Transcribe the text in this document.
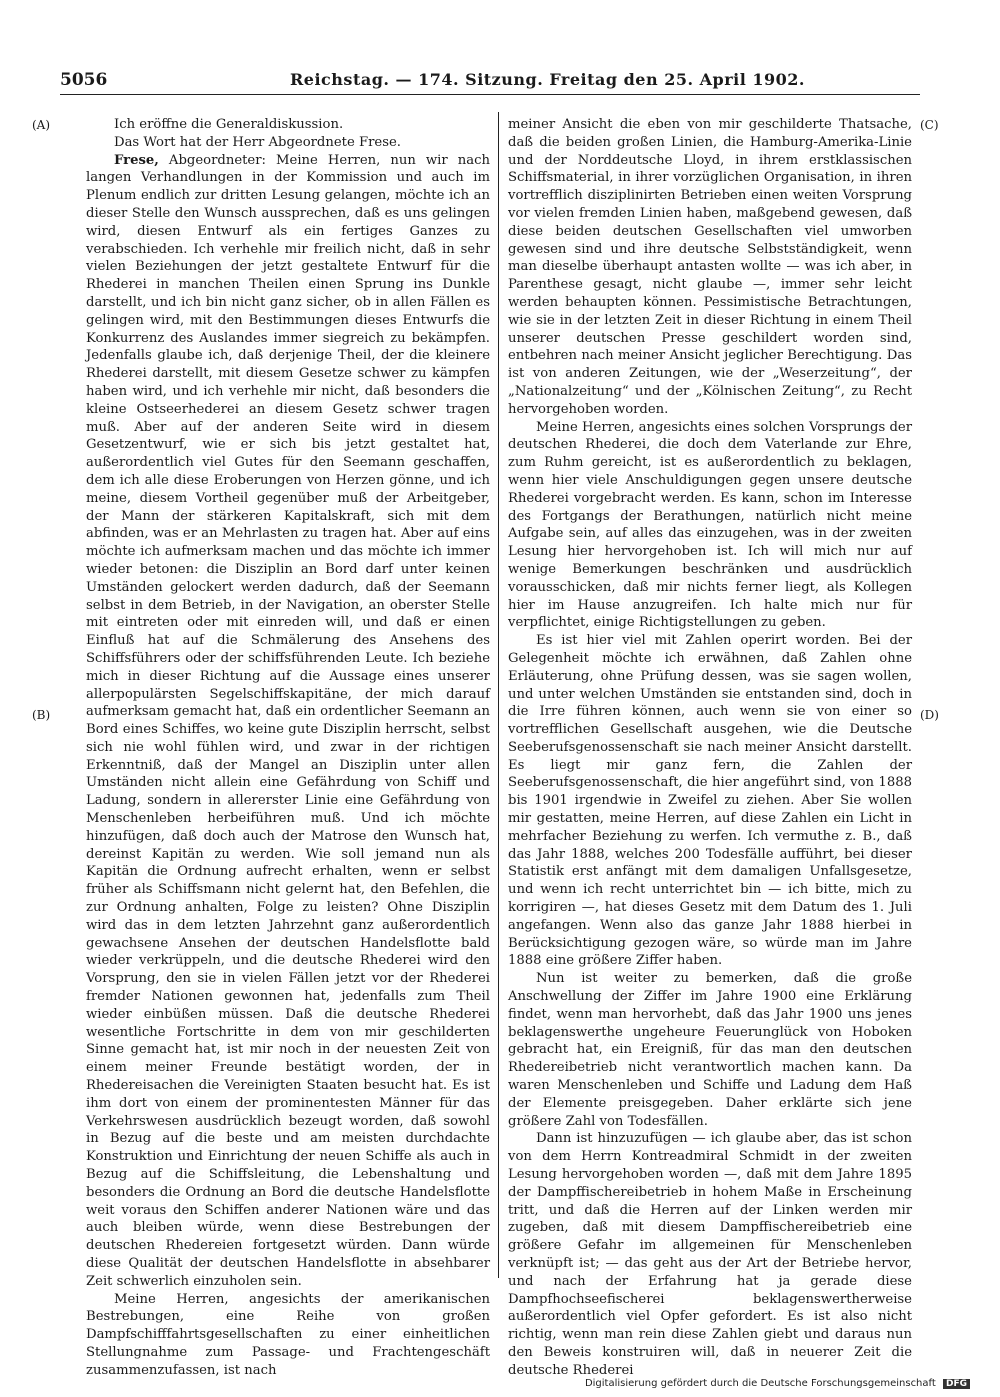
5056	Reichstag. — 174. Sitzung. Freitag den 25. April 1902.
(A)
(B)
(C)
(D)

Ich eröffne die Generaldiskussion.

Das Wort hat der Herr Abgeordnete Frese.

Frese, Abgeordneter: Meine Herren, nun wir nach langen Verhandlungen in der Kommission und auch im Plenum endlich zur dritten Lesung gelangen, möchte ich an dieser Stelle den Wunsch aussprechen, daß es uns gelingen wird, diesen Entwurf als ein fertiges Ganzes zu verabschieden. Ich verhehle mir freilich nicht, daß in sehr vielen Beziehungen der jetzt gestaltete Entwurf für die Rhederei in manchen Theilen einen Sprung ins Dunkle darstellt, und ich bin nicht ganz sicher, ob in allen Fällen es gelingen wird, mit den Bestimmungen dieses Entwurfs die Konkurrenz des Auslandes immer siegreich zu bekämpfen. Jedenfalls glaube ich, daß derjenige Theil, der die kleinere Rhederei darstellt, mit diesem Gesetze schwer zu kämpfen haben wird, und ich verhehle mir nicht, daß besonders die kleine Ostseerhederei an diesem Gesetz schwer tragen muß. Aber auf der anderen Seite wird in diesem Gesetzentwurf, wie er sich bis jetzt gestaltet hat, außerordentlich viel Gutes für den Seemann geschaffen, dem ich alle diese Eroberungen von Herzen gönne, und ich meine, diesem Vortheil gegenüber muß der Arbeitgeber, der Mann der stärkeren Kapitalskraft, sich mit dem abfinden, was er an Mehrlasten zu tragen hat. Aber auf eins möchte ich aufmerksam machen und das möchte ich immer wieder betonen: die Disziplin an Bord darf unter keinen Umständen gelockert werden dadurch, daß der Seemann selbst in dem Betrieb, in der Navigation, an oberster Stelle mit eintreten oder mit einreden will, und daß er einen Einfluß hat auf die Schmälerung des Ansehens des Schiffsführers oder der schiffsführenden Leute. Ich beziehe mich in dieser Richtung auf die Aussage eines unserer allerpopulärsten Segelschiffskapitäne, der mich darauf aufmerksam gemacht hat, daß ein ordentlicher Seemann an Bord eines Schiffes, wo keine gute Disziplin herrscht, selbst sich nie wohl fühlen wird, und zwar in der richtigen Erkenntniß, daß der Mangel an Disziplin unter allen Umständen nicht allein eine Gefährdung von Schiff und Ladung, sondern in allererster Linie eine Gefährdung von Menschenleben herbeiführen muß. Und ich möchte hinzufügen, daß doch auch der Matrose den Wunsch hat, dereinst Kapitän zu werden. Wie soll jemand nun als Kapitän die Ordnung aufrecht erhalten, wenn er selbst früher als Schiffsmann nicht gelernt hat, den Befehlen, die zur Ordnung anhalten, Folge zu leisten? Ohne Disziplin wird das in dem letzten Jahrzehnt ganz außerordentlich gewachsene Ansehen der deutschen Handelsflotte bald wieder verkrüppeln, und die deutsche Rhederei wird den Vorsprung, den sie in vielen Fällen jetzt vor der Rhederei fremder Nationen gewonnen hat, jedenfalls zum Theil wieder einbüßen müssen. Daß die deutsche Rhederei wesentliche Fortschritte in dem von mir geschilderten Sinne gemacht hat, ist mir noch in der neuesten Zeit von einem meiner Freunde bestätigt worden, der in Rhedereisachen die Vereinigten Staaten besucht hat. Es ist ihm dort von einem der prominentesten Männer für das Verkehrswesen ausdrücklich bezeugt worden, daß sowohl in Bezug auf die beste und am meisten durchdachte Konstruktion und Einrichtung der neuen Schiffe als auch in Bezug auf die Schiffsleitung, die Lebenshaltung und besonders die Ordnung an Bord die deutsche Handelsflotte weit voraus den Schiffen anderer Nationen wäre und das auch bleiben würde, wenn diese Bestrebungen der deutschen Rhedereien fortgesetzt würden. Dann würde diese Qualität der deutschen Handelsflotte in absehbarer Zeit schwerlich einzuholen sein.

Meine Herren, angesichts der amerikanischen Bestrebungen, eine Reihe von großen Dampfschifffahrtsgesellschaften zu einer einheitlichen Stellungnahme zum Passage- und Frachtengeschäft zusammenzufassen, ist nach

meiner Ansicht die eben von mir geschilderte Thatsache, daß die beiden großen Linien, die Hamburg-Amerika-Linie und der Norddeutsche Lloyd, in ihrem erstklassischen Schiffsmaterial, in ihrer vorzüglichen Organisation, in ihren vortrefflich disziplinirten Betrieben einen weiten Vorsprung vor vielen fremden Linien haben, maßgebend gewesen, daß diese beiden deutschen Gesellschaften viel umworben gewesen sind und ihre deutsche Selbstständigkeit, wenn man dieselbe überhaupt antasten wollte — was ich aber, in Parenthese gesagt, nicht glaube —, immer sehr leicht werden behaupten können. Pessimistische Betrachtungen, wie sie in der letzten Zeit in dieser Richtung in einem Theil unserer deutschen Presse geschildert worden sind, entbehren nach meiner Ansicht jeglicher Berechtigung. Das ist von anderen Zeitungen, wie der „Weserzeitung“, der „Nationalzeitung“ und der „Kölnischen Zeitung“, zu Recht hervorgehoben worden.

Meine Herren, angesichts eines solchen Vorsprungs der deutschen Rhederei, die doch dem Vaterlande zur Ehre, zum Ruhm gereicht, ist es außerordentlich zu beklagen, wenn hier viele Anschuldigungen gegen unsere deutsche Rhederei vorgebracht werden. Es kann, schon im Interesse des Fortgangs der Berathungen, natürlich nicht meine Aufgabe sein, auf alles das einzugehen, was in der zweiten Lesung hier hervorgehoben ist. Ich will mich nur auf wenige Bemerkungen beschränken und ausdrücklich vorausschicken, daß mir nichts ferner liegt, als Kollegen hier im Hause anzugreifen. Ich halte mich nur für verpflichtet, einige Richtigstellungen zu geben.

Es ist hier viel mit Zahlen operirt worden. Bei der Gelegenheit möchte ich erwähnen, daß Zahlen ohne Erläuterung, ohne Prüfung dessen, was sie sagen wollen, und unter welchen Umständen sie entstanden sind, doch in die Irre führen können, auch wenn sie von einer so vortrefflichen Gesellschaft ausgehen, wie die Deutsche Seeberufsgenossenschaft sie nach meiner Ansicht darstellt. Es liegt mir ganz fern, die Zahlen der Seeberufsgenossenschaft, die hier angeführt sind, von 1888 bis 1901 irgendwie in Zweifel zu ziehen. Aber Sie wollen mir gestatten, meine Herren, auf diese Zahlen ein Licht in mehrfacher Beziehung zu werfen. Ich vermuthe z. B., daß das Jahr 1888, welches 200 Todesfälle aufführt, bei dieser Statistik erst anfängt mit dem damaligen Unfallsgesetze, und wenn ich recht unterrichtet bin — ich bitte, mich zu korrigiren —, hat dieses Gesetz mit dem Datum des 1. Juli angefangen. Wenn also das ganze Jahr 1888 hierbei in Berücksichtigung gezogen wäre, so würde man im Jahre 1888 eine größere Ziffer haben.

Nun ist weiter zu bemerken, daß die große Anschwellung der Ziffer im Jahre 1900 eine Erklärung findet, wenn man hervorhebt, daß das Jahr 1900 uns jenes beklagenswerthe ungeheure Feuerunglück von Hoboken gebracht hat, ein Ereigniß, für das man den deutschen Rhedereibetrieb nicht verantwortlich machen kann. Da waren Menschenleben und Schiffe und Ladung dem Haß der Elemente preisgegeben. Daher erklärte sich jene größere Zahl von Todesfällen.

Dann ist hinzuzufügen — ich glaube aber, das ist schon von dem Herrn Kontreadmiral Schmidt in der zweiten Lesung hervorgehoben worden —, daß mit dem Jahre 1895 der Dampffischereibetrieb in hohem Maße in Erscheinung tritt, und daß die Herren auf der Linken werden mir zugeben, daß mit diesem Dampffischereibetrieb eine größere Gefahr im allgemeinen für Menschenleben verknüpft ist; — das geht aus der Art der Betriebe hervor, und nach der Erfahrung hat ja gerade diese Dampfhochseefischerei beklagenswertherweise außerordentlich viel Opfer gefordert. Es ist also nicht richtig, wenn man rein diese Zahlen giebt und daraus nun den Beweis konstruiren will, daß in neuerer Zeit die deutsche Rhederei

Digitalisierung gefördert durch die Deutsche Forschungsgemeinschaft DFG
